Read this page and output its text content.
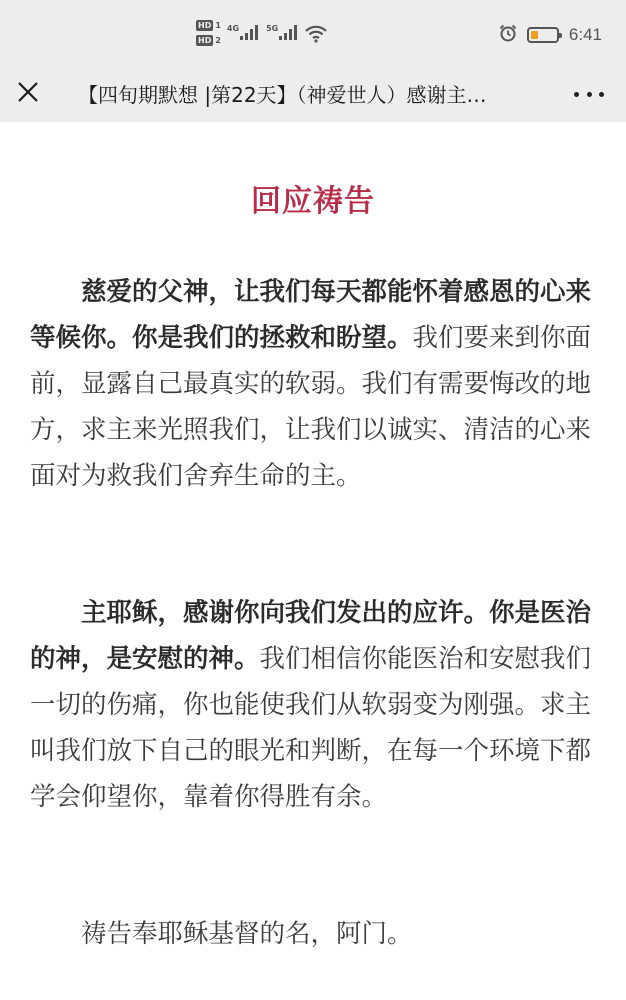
HD 1
HD 2
4G	5G	6:41
【四旬期默想 |第22天】（神爱世人）感谢主…
回应祷告

慈爱的父神，让我们每天都能怀着感恩的心来等候你。你是我们的拯救和盼望。我们要来到你面前，显露自己最真实的软弱。我们有需要悔改的地方，求主来光照我们，让我们以诚实、清洁的心来面对为救我们舍弃生命的主。

主耶稣，感谢你向我们发出的应许。你是医治的神，是安慰的神。我们相信你能医治和安慰我们一切的伤痛，你也能使我们从软弱变为刚强。求主叫我们放下自己的眼光和判断，在每一个环境下都学会仰望你，靠着你得胜有余。

祷告奉耶稣基督的名，阿门。
